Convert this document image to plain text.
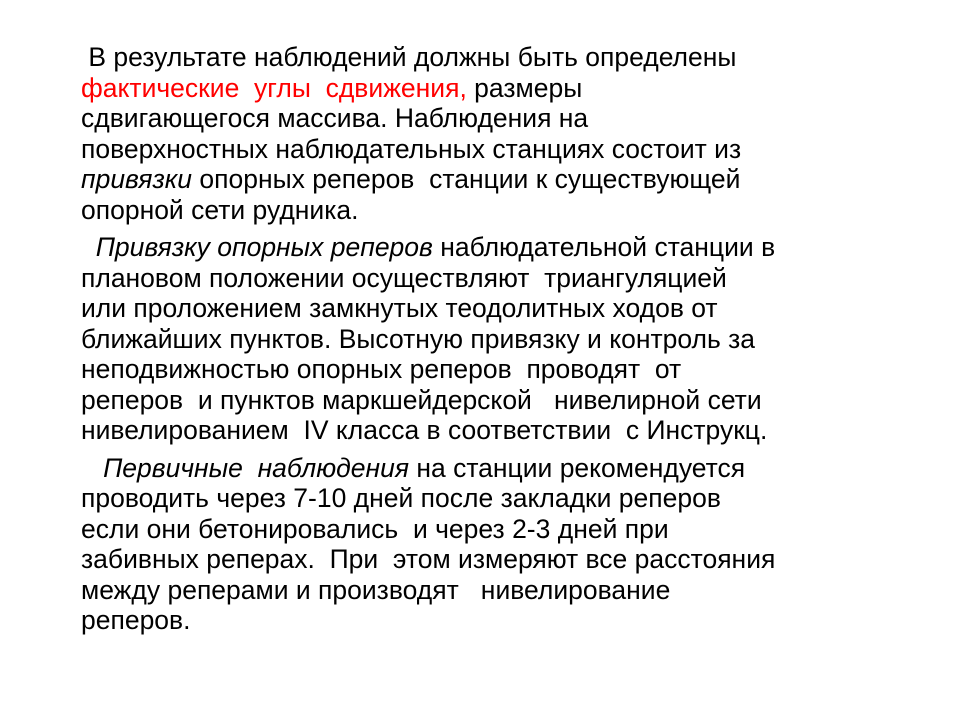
В результате наблюдений должны быть определены
фактические  углы  сдвижения, размеры
сдвигающегося массива. Наблюдения на
поверхностных наблюдательных станциях состоит из
привязки опорных реперов  станции к существующей
опорной сети рудника.
Привязку опорных реперов наблюдательной станции в
плановом положении осуществляют  триангуляцией
или проложением замкнутых теодолитных ходов от
ближайших пунктов. Высотную привязку и контроль за
неподвижностью опорных реперов  проводят  от
реперов  и пунктов маркшейдерской   нивелирной сети
нивелированием  IV класса в соответствии  с Инструкц.
Первичные  наблюдения на станции рекомендуется
проводить через 7-10 дней после закладки реперов
если они бетонировались  и через 2-3 дней при
забивных реперах.  При  этом измеряют все расстояния
между реперами и производят   нивелирование
реперов.
